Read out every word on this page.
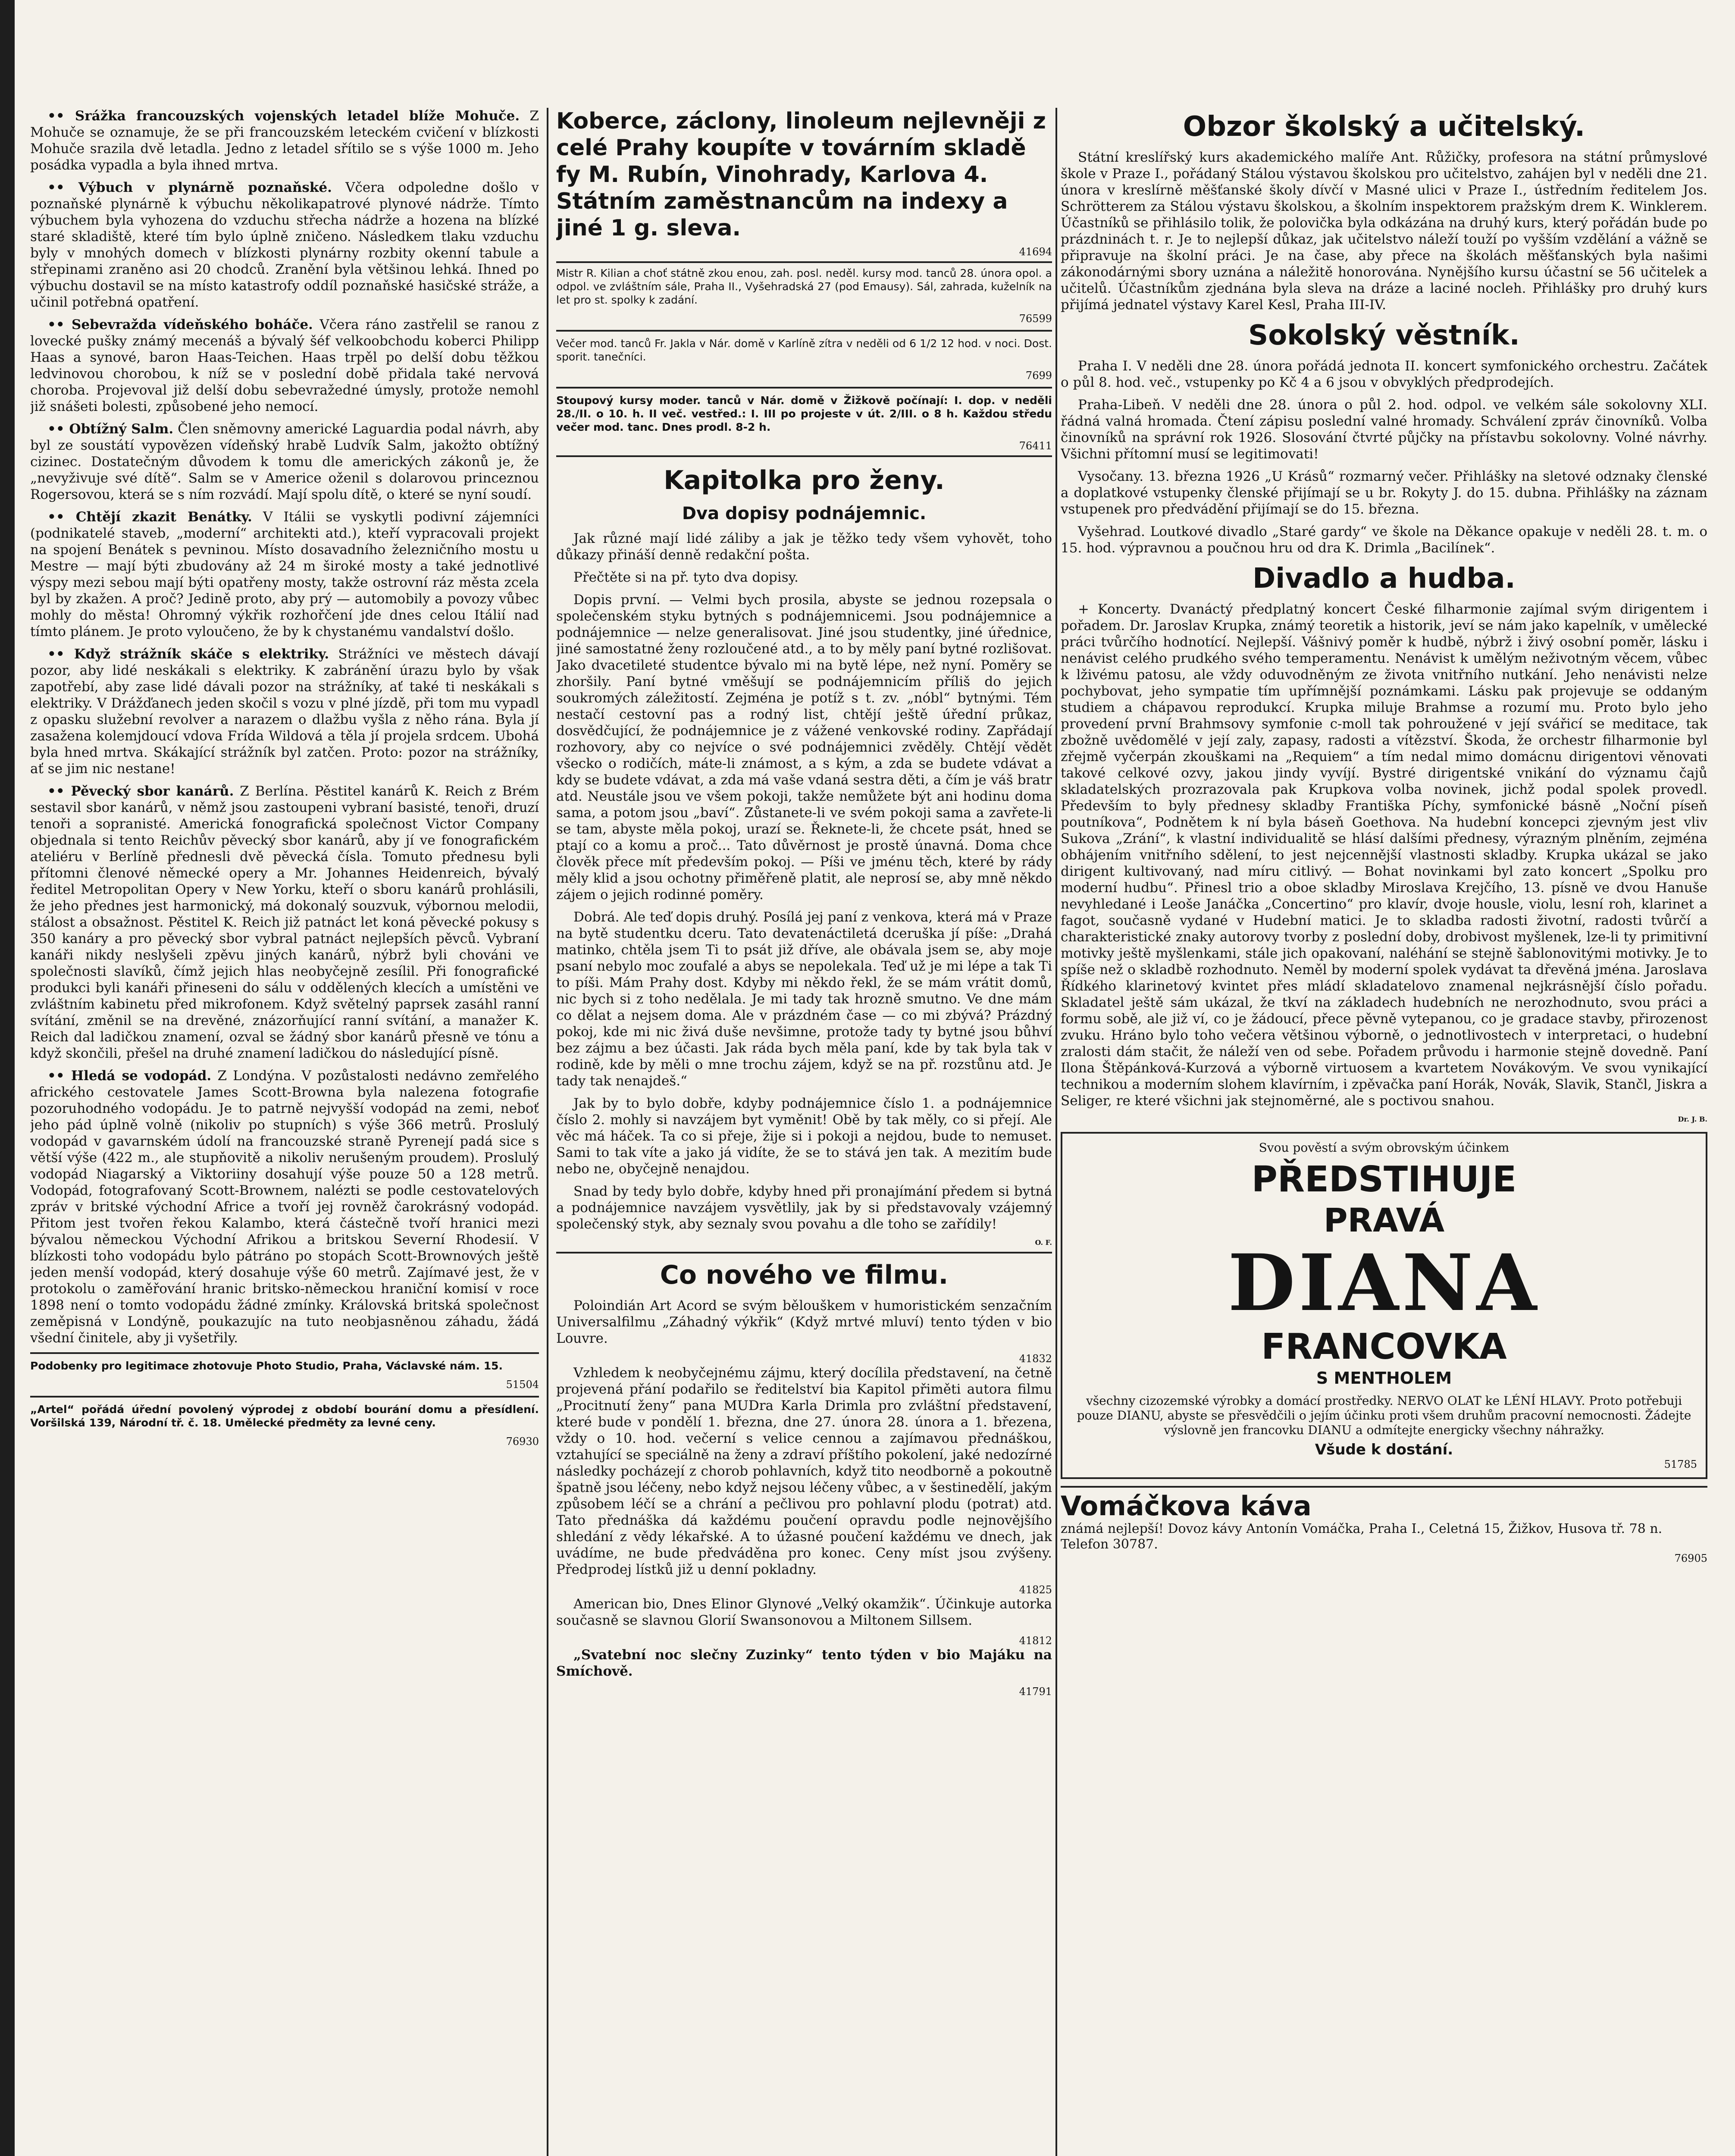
•• Srážka francouzských vojenských letadel blíže Mohuče. Z Mohuče se oznamuje, že se při francouzském leteckém cvičení v blízkosti Mohuče srazila dvě letadla. Jedno z letadel sřítilo se s výše 1000 m. Jeho posádka vypadla a byla ihned mrtva.

•• Výbuch v plynárně poznaňské. Včera odpoledne došlo v poznaňské plynárně k výbuchu několikapatrové plynové nádrže. Tímto výbuchem byla vyhozena do vzduchu střecha nádrže a hozena na blízké staré skladiště, které tím bylo úplně zničeno. Následkem tlaku vzduchu byly v mnohých domech v blízkosti plynárny rozbity okenní tabule a střepinami zraněno asi 20 chodců. Zranění byla většinou lehká. Ihned po výbuchu dostavil se na místo katastrofy oddíl poznaňské hasičské stráže, a učinil potřebná opatření.

•• Sebevražda vídeňského boháče. Včera ráno zastřelil se ranou z lovecké pušky známý mecenáš a bývalý šéf velkoobchodu koberci Philipp Haas a synové, baron Haas-Teichen. Haas trpěl po delší dobu těžkou ledvinovou chorobou, k níž se v poslední době přidala také nervová choroba. Projevoval již delší dobu sebevražedné úmysly, protože nemohl již snášeti bolesti, způsobené jeho nemocí.

•• Obtížný Salm. Člen sněmovny americké Laguardia podal návrh, aby byl ze soustátí vypovězen vídeňský hrabě Ludvík Salm, jakožto obtížný cizinec. Dostatečným důvodem k tomu dle amerických zákonů je, že „nevyživuje své dítě“. Salm se v Americe oženil s dolarovou princeznou Rogersovou, která se s ním rozvádí. Mají spolu dítě, o které se nyní soudí.

•• Chtějí zkazit Benátky. V Itálii se vyskytli podivní zájemníci (podnikatelé staveb, „moderní“ architekti atd.), kteří vypracovali projekt na spojení Benátek s pevninou. Místo dosavadního železničního mostu u Mestre — mají býti zbudovány až 24 m široké mosty a také jednotlivé výspy mezi sebou mají býti opatřeny mosty, takže ostrovní ráz města zcela byl by zkažen. A proč? Jedině proto, aby prý — automobily a povozy vůbec mohly do města! Ohromný výkřik rozhořčení jde dnes celou Itálií nad tímto plánem. Je proto vyloučeno, že by k chystanému vandalství došlo.

•• Když strážník skáče s elektriky. Strážníci ve městech dávají pozor, aby lidé neskákali s elektriky. K zabránění úrazu bylo by však zapotřebí, aby zase lidé dávali pozor na strážníky, ať také ti neskákali s elektriky. V Drážďanech jeden skočil s vozu v plné jízdě, při tom mu vypadl z opasku služební revolver a narazem o dlažbu vyšla z něho rána. Byla jí zasažena kolemjdoucí vdova Frída Wildová a těla jí projela srdcem. Ubohá byla hned mrtva. Skákající strážník byl zatčen. Proto: pozor na strážníky, ať se jim nic nestane!

•• Pěvecký sbor kanárů. Z Berlína. Pěstitel kanárů K. Reich z Brém sestavil sbor kanárů, v němž jsou zastoupeni vybraní basisté, tenoři, druzí tenoři a sopranisté. Americká fonografická společnost Victor Company objednala si tento Reichův pěvecký sbor kanárů, aby jí ve fonografickém ateliéru v Berlíně přednesli dvě pěvecká čísla. Tomuto přednesu byli přítomni členové německé opery a Mr. Johannes Heidenreich, bývalý ředitel Metropolitan Opery v New Yorku, kteří o sboru kanárů prohlásili, že jeho přednes jest harmonický, má dokonalý souzvuk, výbornou melodii, stálost a obsažnost. Pěstitel K. Reich již patnáct let koná pěvecké pokusy s 350 kanáry a pro pěvecký sbor vybral patnáct nejlepších pěvců. Vybraní kanáři nikdy neslyšeli zpěvu jiných kanárů, nýbrž byli chováni ve společnosti slavíků, čímž jejich hlas neobyčejně zesílil. Při fonografické produkci byli kanáři přineseni do sálu v oddělených klecích a umístěni ve zvláštním kabinetu před mikrofonem. Když světelný paprsek zasáhl ranní svítání, změnil se na drevěné, znázorňující ranní svítání, a manažer K. Reich dal ladičkou znamení, ozval se žádný sbor kanárů přesně ve tónu a když skončili, přešel na druhé znamení ladičkou do následující písně.

•• Hledá se vodopád. Z Londýna. V pozůstalosti nedávno zemřelého afrického cestovatele James Scott-Browna byla nalezena fotografie pozoruhodného vodopádu. Je to patrně nejvyšší vodopád na zemi, neboť jeho pád úplně volně (nikoliv po stupních) s výše 366 metrů. Proslulý vodopád v gavarnském údolí na francouzské straně Pyrenejí padá sice s větší výše (422 m., ale stupňovitě a nikoliv nerušeným proudem). Proslulý vodopád Niagarský a Viktoriiny dosahují výše pouze 50 a 128 metrů. Vodopád, fotografovaný Scott-Brownem, nalézti se podle cestovatelových zpráv v britské východní Africe a tvoří jej rovněž čarokrásný vodopád. Přitom jest tvořen řekou Kalambo, která částečně tvoří hranici mezi bývalou německou Východní Afrikou a britskou Severní Rhodesií. V blízkosti toho vodopádu bylo pátráno po stopách Scott-Brownových ještě jeden menší vodopád, který dosahuje výše 60 metrů. Zajímavé jest, že v protokolu o zaměřování hranic britsko-německou hraniční komisí v roce 1898 není o tomto vodopádu žádné zmínky. Královská britská společnost zeměpisná v Londýně, poukazujíc na tuto neobjasněnou záhadu, žádá všední činitele, aby ji vyšetřily.

Podobenky pro legitimace zhotovuje Photo Studio, Praha, Václavské nám. 15.

51504

„Artel“ pořádá úřední povolený výprodej z období bourání domu a přesídlení. Voršilská 139, Národní tř. č. 18. Umělecké předměty za levné ceny.

76930
Koberce, záclony, linoleum nejlevněji z celé Prahy koupíte v továrním skladě fy M. Rubín, Vinohrady, Karlova 4. Státním zaměstnancům na indexy a jiné 1 g. sleva.
41694

Mistr R. Kilian a choť státně zkou enou, zah. posl. neděl. kursy mod. tanců 28. února opol. a odpol. ve zvláštním sále, Praha II., Vyšehradská 27 (pod Emausy). Sál, zahrada, kuželník na let pro st. spolky k zadání.

76599

Večer mod. tanců Fr. Jakla v Nár. domě v Karlíně zítra v neděli od 6 1/2 12 hod. v noci. Dost. sporit. tanečníci.

7699

Stoupový kursy moder. tanců v Nár. domě v Žižkově počínají: I. dop. v neděli 28./II. o 10. h. II več. vestřed.: I. III po projeste v út. 2/III. o 8 h. Každou středu večer mod. tanc. Dnes prodl. 8-2 h.

76411
Kapitolka pro ženy.
Dva dopisy podnájemnic.

Jak různé mají lidé záliby a jak je těžko tedy všem vyhovět, toho důkazy přináší denně redakční pošta.

Přečtěte si na př. tyto dva dopisy.

Dopis první. — Velmi bych prosila, abyste se jednou rozepsala o společenském styku bytných s podnájemnicemi. Jsou podnájemnice a podnájemnice — nelze generalisovat. Jiné jsou studentky, jiné úřednice, jiné samostatné ženy rozloučené atd., a to by měly paní bytné rozlišovat. Jako dvacetileté studentce bývalo mi na bytě lépe, než nyní. Poměry se zhoršily. Paní bytné vměšují se podnájemnicím příliš do jejich soukromých záležitostí. Zejména je potíž s t. zv. „nóbl“ bytnými. Tém nestačí cestovní pas a rodný list, chtějí ještě úřední průkaz, dosvědčující, že podnájemnice je z vážené venkovské rodiny. Zapřádají rozhovory, aby co nejvíce o své podnájemnici zvěděly. Chtějí vědět všecko o rodičích, máte-li známost, a s kým, a zda se budete vdávat a kdy se budete vdávat, a zda má vaše vdaná sestra děti, a čím je váš bratr atd. Neustále jsou ve všem pokoji, takže nemůžete být ani hodinu doma sama, a potom jsou „baví“. Zůstanete-li ve svém pokoji sama a zavřete-li se tam, abyste měla pokoj, urazí se. Řeknete-li, že chcete psát, hned se ptají co a komu a proč... Tato důvěrnost je prostě únavná. Doma chce člověk přece mít především pokoj. — Píši ve jménu těch, které by rády měly klid a jsou ochotny přiměřeně platit, ale neprosí se, aby mně někdo zájem o jejich rodinné poměry.

Dobrá. Ale teď dopis druhý. Posílá jej paní z venkova, která má v Praze na bytě studentku dceru. Tato devatenáctiletá dceruška jí píše: „Drahá matinko, chtěla jsem Ti to psát již dříve, ale obávala jsem se, aby moje psaní nebylo moc zoufalé a abys se nepolekala. Teď už je mi lépe a tak Ti to píši. Mám Prahy dost. Kdyby mi někdo řekl, že se mám vrátit domů, nic bych si z toho nedělala. Je mi tady tak hrozně smutno. Ve dne mám co dělat a nejsem doma. Ale v prázdném čase — co mi zbývá? Prázdný pokoj, kde mi nic živá duše nevšimne, protože tady ty bytné jsou bůhví bez zájmu a bez účasti. Jak ráda bych měla paní, kde by tak byla tak v rodině, kde by měli o mne trochu zájem, když se na př. rozstůnu atd. Je tady tak nenajdeš.“

Jak by to bylo dobře, kdyby podnájemnice číslo 1. a podnájemnice číslo 2. mohly si navzájem byt vyměnit! Obě by tak měly, co si přejí. Ale věc má háček. Ta co si přeje, žije si i pokoji a nejdou, bude to nemuset. Sami to tak víte a jako já vidíte, že se to stává jen tak. A mezitím bude nebo ne, obyčejně nenajdou.

Snad by tedy bylo dobře, kdyby hned při pronajímání předem si bytná a podnájemnice navzájem vysvětlily, jak by si představovaly vzájemný společenský styk, aby seznaly svou povahu a dle toho se zařídily!

O. F.
Co nového ve filmu.

Poloindián Art Acord se svým bělouškem v humoristickém senzačním Universalfilmu „Záhadný výkřik“ (Když mrtvé mluví) tento týden v bio Louvre.

41832

Vzhledem k neobyčejnému zájmu, který docílila představení, na četně projevená přání podařilo se ředitelství bia Kapitol přiměti autora filmu „Procitnutí ženy“ pana MUDra Karla Drimla pro zvláštní představení, které bude v pondělí 1. března, dne 27. února 28. února a 1. březena, vždy o 10. hod. večerní s velice cennou a zajímavou přednáškou, vztahující se speciálně na ženy a zdraví příštího pokolení, jaké nedozírné následky pocházejí z chorob pohlavních, když tito neodborně a pokoutně špatně jsou léčeny, nebo když nejsou léčeny vůbec, a v šestinedělí, jakým způsobem léčí se a chrání a pečlivou pro pohlavní plodu (potrat) atd. Tato přednáška dá každému poučení opravdu podle nejnovějšího shledání z vědy lékařské. A to úžasné poučení každému ve dnech, jak uvádíme, ne bude předváděna pro konec. Ceny míst jsou zvýšeny. Předprodej lístků již u denní pokladny.

41825

American bio, Dnes Elinor Glynové „Velký okamžik“. Účinkuje autorka současně se slavnou Glorií Swansonovou a Miltonem Sillsem.

41812

„Svatební noc slečny Zuzinky“ tento týden v bio Majáku na Smíchově.

41791
Obzor školský a učitelský.

Státní kreslířský kurs akademického malíře Ant. Růžičky, profesora na státní průmyslové škole v Praze I., pořádaný Stálou výstavou školskou pro učitelstvo, zahájen byl v neděli dne 21. února v kreslírně měšťanské školy dívčí v Masné ulici v Praze I., ústředním ředitelem Jos. Schrötterem za Stálou výstavu školskou, a školním inspektorem pražským drem K. Winklerem. Účastníků se přihlásilo tolik, že polovička byla odkázána na druhý kurs, který pořádán bude po prázdninách t. r. Je to nejlepší důkaz, jak učitelstvo náleží touží po vyšším vzdělání a vážně se připravuje na školní práci. Je na čase, aby přece na školách měšťanských byla našimi zákonodárnými sbory uznána a náležitě honorována. Nynějšího kursu účastní se 56 učitelek a učitelů. Účastníkům zjednána byla sleva na dráze a laciné nocleh. Přihlášky pro druhý kurs přijímá jednatel výstavy Karel Kesl, Praha III-IV.

Sokolský věstník.

Praha I. V neděli dne 28. února pořádá jednota II. koncert symfonického orchestru. Začátek o půl 8. hod. več., vstupenky po Kč 4 a 6 jsou v obvyklých předprodejích.

Praha-Libeň. V neděli dne 28. února o půl 2. hod. odpol. ve velkém sále sokolovny XLI. řádná valná hromada. Čtení zápisu poslední valné hromady. Schválení zpráv činovníků. Volba činovníků na správní rok 1926. Slosování čtvrté půjčky na přístavbu sokolovny. Volné návrhy. Všichni přítomní musí se legitimovati!

Vysočany. 13. března 1926 „U Krásů“ rozmarný večer. Přihlášky na sletové odznaky členské a doplatkové vstupenky členské přijímají se u br. Rokyty J. do 15. dubna. Přihlášky na záznam vstupenek pro předvádění přijímají se do 15. března.

Vyšehrad. Loutkové divadlo „Staré gardy“ ve škole na Děkance opakuje v neděli 28. t. m. o 15. hod. výpravnou a poučnou hru od drа K. Drimla „Bacilínek“.

Divadlo a hudba.

+ Koncerty. Dvanáctý předplatný koncert České filharmonie zajímal svým dirigentem i pořadem. Dr. Jaroslav Krupka, známý teoretik a historik, jeví se nám jako kapelník, v umělecké práci tvůrčího hodnotící. Nejlepší. Vášnivý poměr k hudbě, nýbrž i živý osobní poměr, lásku i nenávist celého prudkého svého temperamentu. Nenávist k umělým neživotným věcem, vůbec k lživému patosu, ale vždy oduvodněným ze života vnitřního nutkání. Jeho nenávisti nelze pochybovat, jeho sympatie tím upřímnější poznámkami. Lásku pak projevuje se oddaným studiem a chápavou reprodukcí. Krupka miluje Brahmse a rozumí mu. Proto bylo jeho provedení první Brahmsovy symfonie c-moll tak pohroužené v její svářicí se meditace, tak zbožně uvědomělé v její zaly, zapasy, radosti a vítězství. Škoda, že orchestr filharmonie byl zřejmě vyčerpán zkouškami na „Requiem“ a tím nedal mimo domácnu dirigentovi věnovati takové celkové ozvy, jakou jindy vyvíjí. Bystré dirigentské vnikání do významu čajů skladatelských prozrazovala pak Krupkova volba novinek, jichž podal spolek provedl. Především to byly přednesy skladby Františka Píchy, symfonické básně „Noční píseň poutníkova“, Podnětem k ní byla báseň Goethova. Na hudební koncepci zjevným jest vliv Sukova „Zrání“, k vlastní individualitě se hlásí dalšími přednesy, výrazným plněním, zejména obhájením vnitřního sdělení, to jest nejcennější vlastnosti skladby. Krupka ukázal se jako dirigent kultivovaný, nad míru citlivý. — Bohat novinkami byl zato koncert „Spolku pro moderní hudbu“. Přinesl trio a oboe skladby Miroslava Krejčího, 13. písně ve dvou Hanuše nevyhledané i Leoše Janáčka „Concertino“ pro klavír, dvoje housle, violu, lesní roh, klarinet a fagot, současně vydané v Hudební matici. Je to skladba radosti životní, radosti tvůrčí a charakteristické znaky autorovy tvorby z poslední doby, drobivost myšlenek, lze-li ty primitivní motivky ještě myšlenkami, stále jich opakovaní, naléhání se stejně šablonovitými motivky. Je to spíše než o skladbě rozhodnuto. Neměl by moderní spolek vydávat ta dřevěná jména. Jaroslava Řídkého klarinetový kvintet přes mládí skladatelovo znamenal nejkrásnější číslo pořadu. Skladatel ještě sám ukázal, že tkví na základech hudebních ne nerozhodnuto, svou práci a formu sobě, ale již ví, co je žádoucí, přece pěvně vytepanou, co je gradace stavby, přirozenost zvuku. Hráno bylo toho večera většinou výborně, o jednotlivostech v interpretaci, o hudební zralosti dám stačit, že náleží ven od sebe. Pořadem průvodu i harmonie stejně dovedně. Paní Ilona Štěpánková-Kurzová a výborně virtuosem a kvartetem Novákovým. Ve svou vynikající technikou a moderním slohem klavírním, i zpěvačka paní Horák, Novák, Slavik, Stančl, Jiskra a Seliger, re které všichni jak stejnoměrné, ale s poctivou snahou.

Dr. J. B.
Svou pověstí a svým obrovským účinkem
PŘEDSTIHUJE
PRAVÁ
DIANA
FRANCOVKA
S MENTHOLEM
všechny cizozemské výrobky a domácí prostředky. NERVO OLAT ke LÉNÍ HLAVY. Proto potřebuji pouze DIANU, abyste se přesvědčili o jejím účinku proti všem druhům pracovní nemocnosti. Žádejte výslovně jen francovku DIANU a odmítejte energicky všechny náhražky.
Všude k dostání.
51785
Vomáčkova káva
známá nejlepší! Dovoz kávy Antonín Vomáčka, Praha I., Celetná 15, Žižkov, Husova tř. 78 n. Telefon 30787.
76905
